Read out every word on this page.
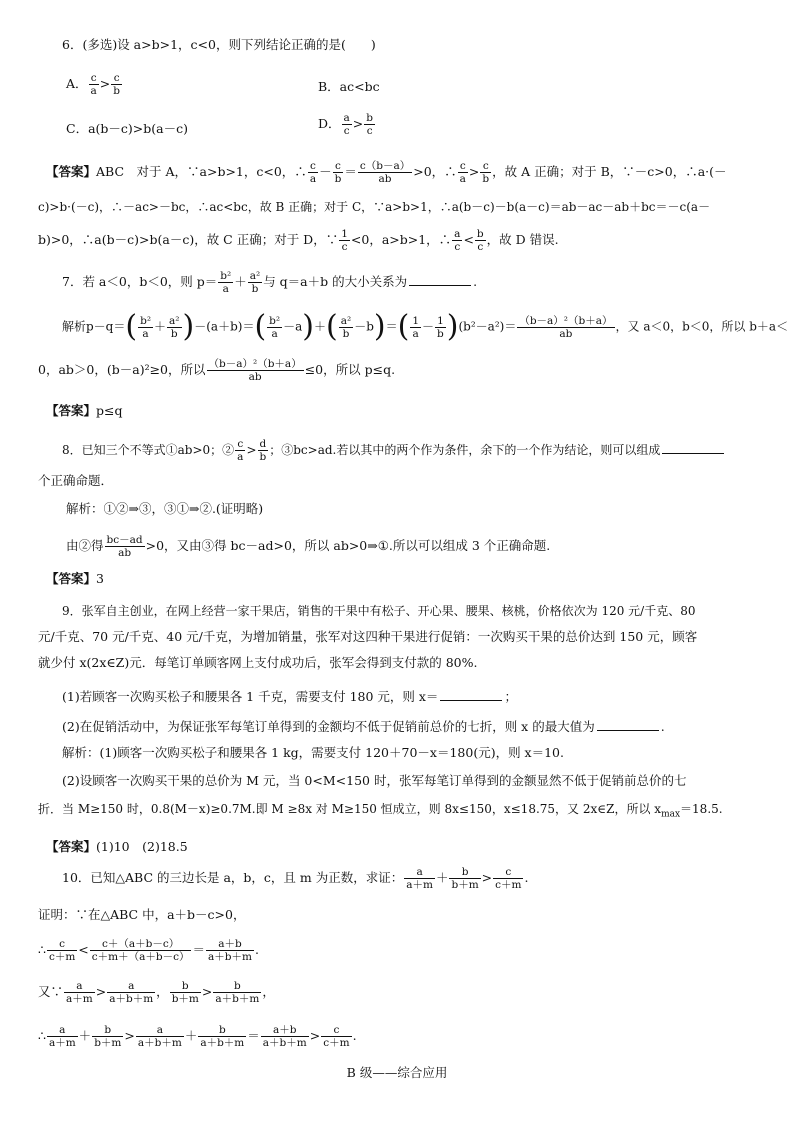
6．(多选)设 a>b>1，c<0，则下列结论正确的是(　　)
A． $\frac{c}{a} > \frac{c}{b}$	B．ac<bc
C．a(b－c)>b(a－c)	D． $\frac{a}{c} > \frac{b}{c}$
【答案】ABC　对于 A，∵a>b>1，c<0，∴ $\frac{c}{a} - \frac{c}{b} = \frac{c(b-a)}{ab} >0$，∴ $\frac{c}{a} > \frac{c}{b}$ ，故 A 正确；对于 B，∵－c>0，∴a·(－
c)>b·(－c)，∴－ac>－bc，∴ac<bc，故 B 正确；对于 C，∵a>b>1，∴a(b－c)－b(a－c)＝ab－ac－ab＋bc＝－c(a－
b)>0，∴a(b－c)>b(a－c)，故 C 正确；对于 D，∵ $\frac{1}{c} <0$，a>b>1，∴ $\frac{a}{c} < \frac{b}{c}$ ，故 D 错误.
7．若 a＜0，b＜0，则 $p= \frac{\text{b²}}{a} + \frac{\text{a²}}{b}$ 与 q＝a＋b 的大小关系为	.
解析$p-q=( \frac{\text{b²}}{a} + \frac{\text{a²}}{b} )-(a+b)=( \frac{\text{b²}}{a} -a)+( \frac{\text{a²}}{b} -b)=( \frac{1}{a} - \frac{1}{b} )(b^2-a^2)= \frac{\text{（b－a）²（b＋a）}}{ab}$ ，又 a＜0，b＜0，所以 b＋a＜
0，ab＞0，(b－a)²≥0，所以 $\frac{\text{（b－a）²（b＋a）}}{ab} \le 0$，所以 p≤q.
【答案】p≤q
8．已知三个不等式①ab>0；② $\frac{c}{a} > \frac{d}{b}$ ；③bc>ad.若以其中的两个作为条件，余下的一个作为结论，则可以组成
个正确命题．
解析：①②⇒③，③①⇒②.(证明略)
由②得 $\frac{bc-ad}{ab} >0$，又由③得 bc－ad>0，所以 ab>0⇒①.所以可以组成 3 个正确命题.
【答案】3
9．张军自主创业，在网上经营一家干果店，销售的干果中有松子、开心果、腰果、核桃，价格依次为 120 元/千克、80
元/千克、70 元/千克、40 元/千克，为增加销量，张军对这四种干果进行促销：一次购买干果的总价达到 150 元，顾客
就少付 x(2x∈Z)元．每笔订单顾客网上支付成功后，张军会得到支付款的 80%.
(1)若顾客一次购买松子和腰果各 1 千克，需要支付 180 元，则 x＝	；
(2)在促销活动中，为保证张军每笔订单得到的金额均不低于促销前总价的七折，则 x 的最大值为	.
解析：(1)顾客一次购买松子和腰果各 1 kg，需要支付 120＋70－x＝180(元)，则 x＝10.
(2)设顾客一次购买干果的总价为 M 元，当 0<M<150 时，张军每笔订单得到的金额显然不低于促销前总价的七
折．当 M≥150 时，0.8(M－x)≥0.7M.即 M ≥8x 对 M≥150 恒成立，则 8x≤150，x≤18.75，又 2x∈Z，所以 $x_{max}=18.5$.
【答案】(1)10　(2)18.5
10．已知△ABC 的三边长是 a，b，c，且 m 为正数，求证： $\frac{a}{a+m} + \frac{b}{b+m} > \frac{c}{c+m}$ .
证明：∵在△ABC 中，a＋b－c>0，
∴ $\frac{c}{c+m} < \frac{c+(a+b-c)}{c+m+(a+b-c)} = \frac{a+b}{a+b+m}$ .
又∵ $\frac{a}{a+m} > \frac{a}{a+b+m}$ ， $\frac{b}{b+m} > \frac{b}{a+b+m}$ ，
∴ $\frac{a}{a+m} + \frac{b}{b+m} > \frac{a}{a+b+m} + \frac{b}{a+b+m} = \frac{a+b}{a+b+m} > \frac{c}{c+m}$ .
B 级——综合应用
